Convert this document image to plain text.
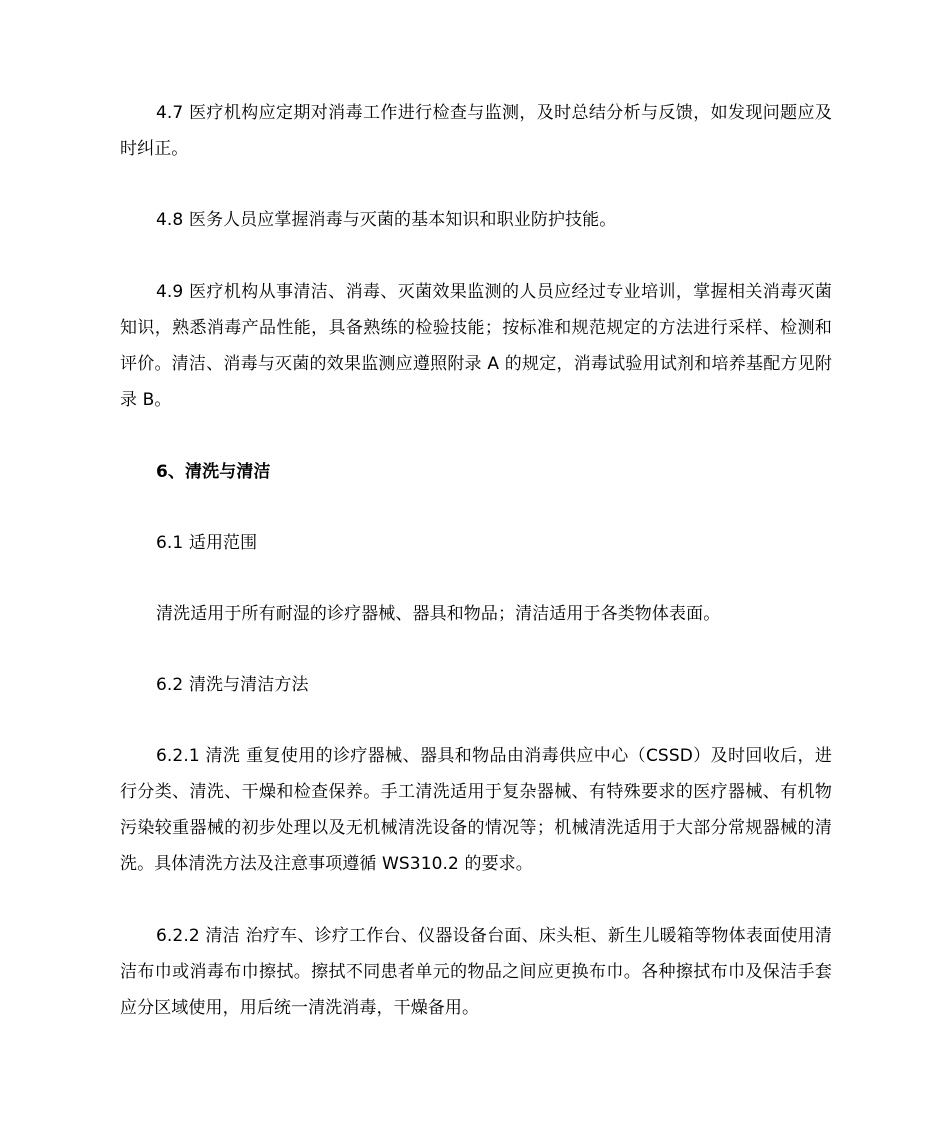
4.7 医疗机构应定期对消毒工作进行检查与监测，及时总结分析与反馈，如发现问题应及时纠正。

4.8 医务人员应掌握消毒与灭菌的基本知识和职业防护技能。

4.9 医疗机构从事清洁、消毒、灭菌效果监测的人员应经过专业培训，掌握相关消毒灭菌知识，熟悉消毒产品性能，具备熟练的检验技能；按标准和规范规定的方法进行采样、检测和评价。清洁、消毒与灭菌的效果监测应遵照附录 A 的规定，消毒试验用试剂和培养基配方见附录 B。

6、清洗与清洁

6.1 适用范围

清洗适用于所有耐湿的诊疗器械、器具和物品；清洁适用于各类物体表面。

6.2 清洗与清洁方法

6.2.1 清洗 重复使用的诊疗器械、器具和物品由消毒供应中心（CSSD）及时回收后，进行分类、清洗、干燥和检查保养。手工清洗适用于复杂器械、有特殊要求的医疗器械、有机物污染较重器械的初步处理以及无机械清洗设备的情况等；机械清洗适用于大部分常规器械的清洗。具体清洗方法及注意事项遵循 WS310.2 的要求。

6.2.2 清洁 治疗车、诊疗工作台、仪器设备台面、床头柜、新生儿暖箱等物体表面使用清洁布巾或消毒布巾擦拭。擦拭不同患者单元的物品之间应更换布巾。各种擦拭布巾及保洁手套应分区域使用，用后统一清洗消毒，干燥备用。
